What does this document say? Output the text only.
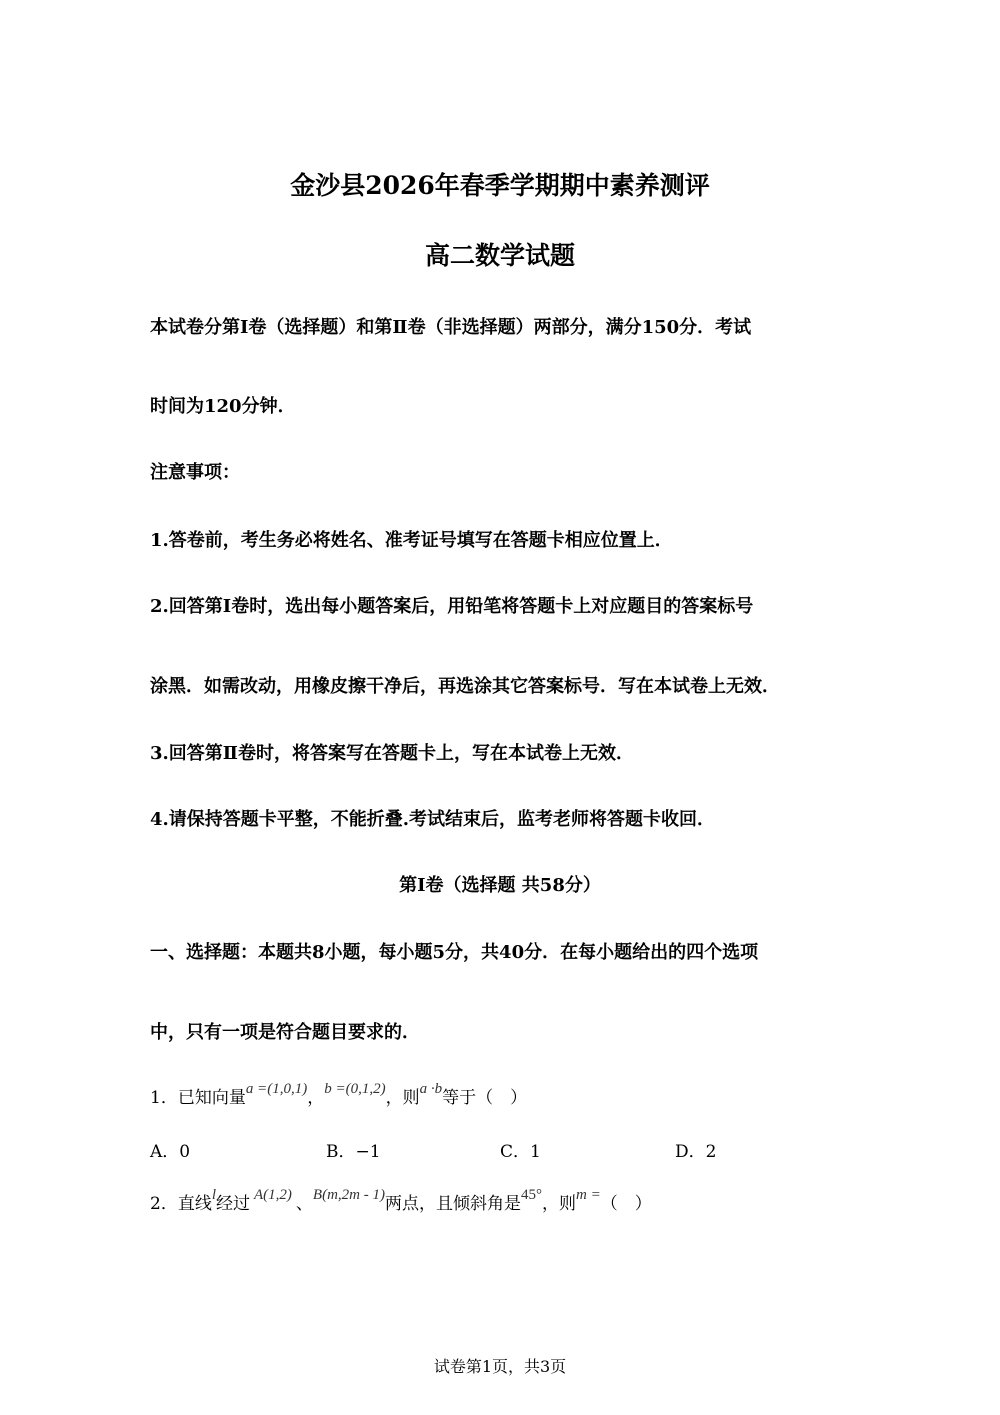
金沙县2026年春季学期期中素养测评
高二数学试题
本试卷分第Ⅰ卷（选择题）和第Ⅱ卷（非选择题）两部分，满分150分．考试
时间为120分钟．
注意事项：
1.答卷前，考生务必将姓名、准考证号填写在答题卡相应位置上．
2.回答第Ⅰ卷时，选出每小题答案后，用铅笔将答题卡上对应题目的答案标号
涂黑．如需改动，用橡皮擦干净后，再选涂其它答案标号．写在本试卷上无效．
3.回答第Ⅱ卷时，将答案写在答题卡上，写在本试卷上无效．
4.请保持答题卡平整，不能折叠.考试结束后，监考老师将答题卡收回．
第Ⅰ卷（选择题 共58分）
一、选择题：本题共8小题，每小题5分，共40分．在每小题给出的四个选项
中，只有一项是符合题目要求的．
1．已知向量a =(1,0,1)，b =(0,1,2)，则a ·b等于（　）
A．0	B．−1	C．1	D．2
2．直线l经过 A(1,2) 、B(m,2m - 1)两点，且倾斜角是45°，则m =（　）
试卷第1页，共3页
